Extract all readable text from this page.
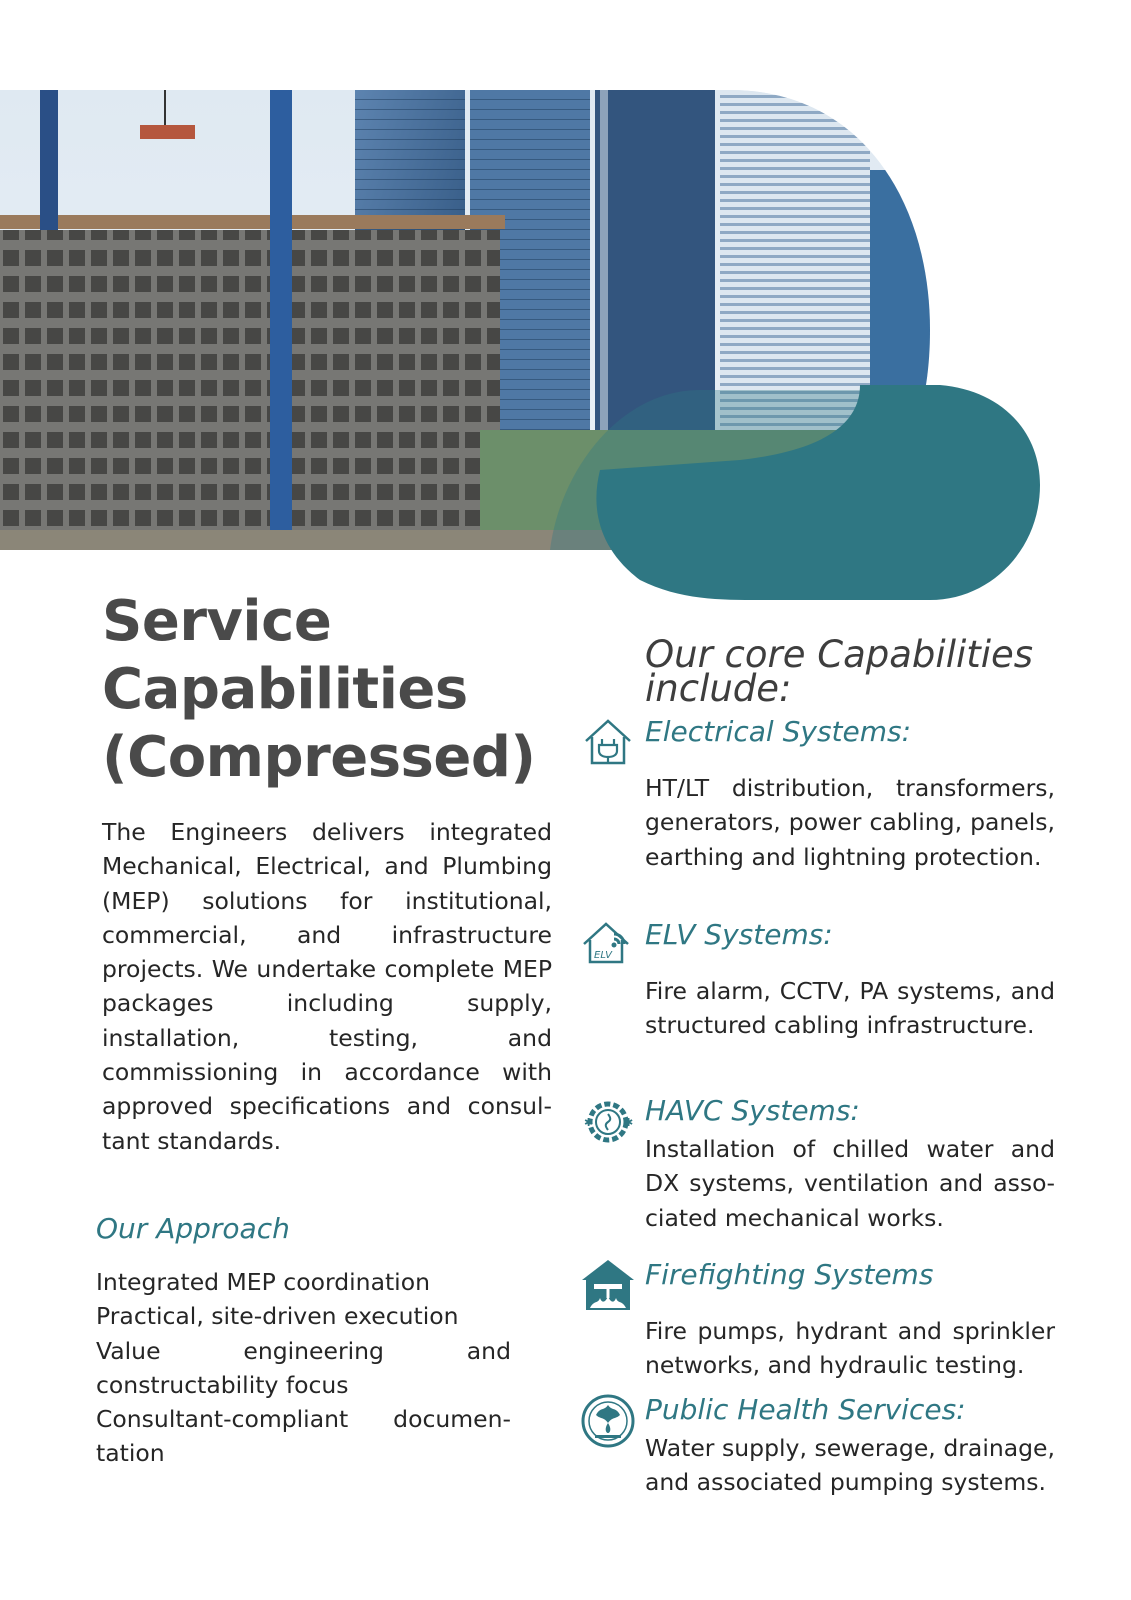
Service
Capabilities
(Compressed)

The Engineers delivers integrated Mechanical, Electrical, and Plumbing (MEP) solutions for institutional, commercial, and infrastructure projects. We undertake complete MEP packages including supply, installation, testing, and commissioning in accordance with approved specifications and consultant standards.

Our Approach
Integrated MEP coordination
Practical, site-driven execution
Value engineering and constructability focus
Consultant-compliant documentation
Our core Capabilities
include:
Electrical Systems:

HT/LT distribution, transformers, generators, power cabling, panels, earthing and lightning protection.

ELV
ELV Systems:

Fire alarm, CCTV, PA systems, and structured cabling infrastructure.

✱	✱ HAVC Systems:

Installation of chilled water and DX systems, ventilation and associated mechanical works.

Firefighting Systems

Fire pumps, hydrant and sprinkler networks, and hydraulic testing.

Public Health Services:

Water supply, sewerage, drainage, and associated pumping systems.
